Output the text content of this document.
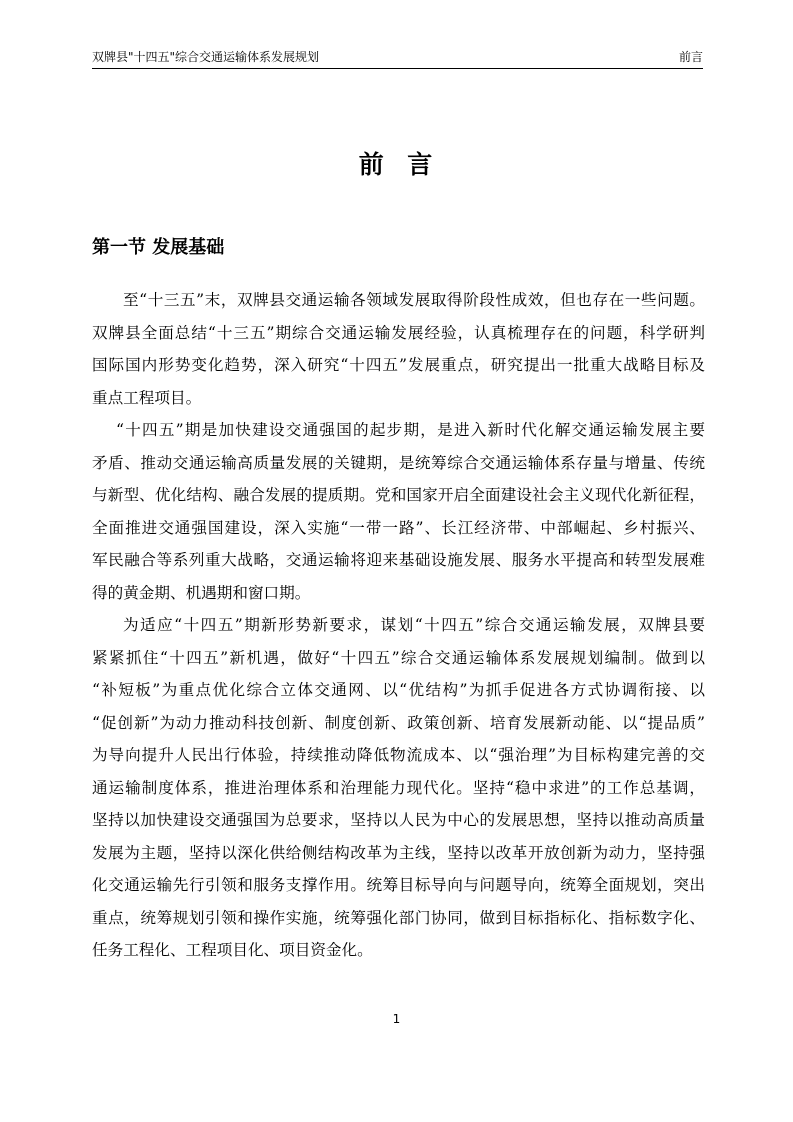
双牌县"十四五"综合交通运输体系发展规划	前言
前  言
第一节 发展基础
至“十三五”末，双牌县交通运输各领域发展取得阶段性成效，但也存在一些问题。
双牌县全面总结“十三五”期综合交通运输发展经验，认真梳理存在的问题，科学研判
国际国内形势变化趋势，深入研究“十四五”发展重点，研究提出一批重大战略目标及
重点工程项目。
“十四五”期是加快建设交通强国的起步期，是进入新时代化解交通运输发展主要
矛盾、推动交通运输高质量发展的关键期，是统筹综合交通运输体系存量与增量、传统
与新型、优化结构、融合发展的提质期。党和国家开启全面建设社会主义现代化新征程，
全面推进交通强国建设，深入实施“一带一路”、长江经济带、中部崛起、乡村振兴、
军民融合等系列重大战略，交通运输将迎来基础设施发展、服务水平提高和转型发展难
得的黄金期、机遇期和窗口期。
为适应“十四五”期新形势新要求，谋划“十四五”综合交通运输发展，双牌县要
紧紧抓住“十四五”新机遇，做好“十四五”综合交通运输体系发展规划编制。做到以
“补短板”为重点优化综合立体交通网、以“优结构”为抓手促进各方式协调衔接、以
“促创新”为动力推动科技创新、制度创新、政策创新、培育发展新动能、以“提品质”
为导向提升人民出行体验，持续推动降低物流成本、以“强治理”为目标构建完善的交
通运输制度体系，推进治理体系和治理能力现代化。坚持“稳中求进”的工作总基调，
坚持以加快建设交通强国为总要求，坚持以人民为中心的发展思想，坚持以推动高质量
发展为主题，坚持以深化供给侧结构改革为主线，坚持以改革开放创新为动力，坚持强
化交通运输先行引领和服务支撑作用。统筹目标导向与问题导向，统筹全面规划，突出
重点，统筹规划引领和操作实施，统筹强化部门协同，做到目标指标化、指标数字化、
任务工程化、工程项目化、项目资金化。
1
